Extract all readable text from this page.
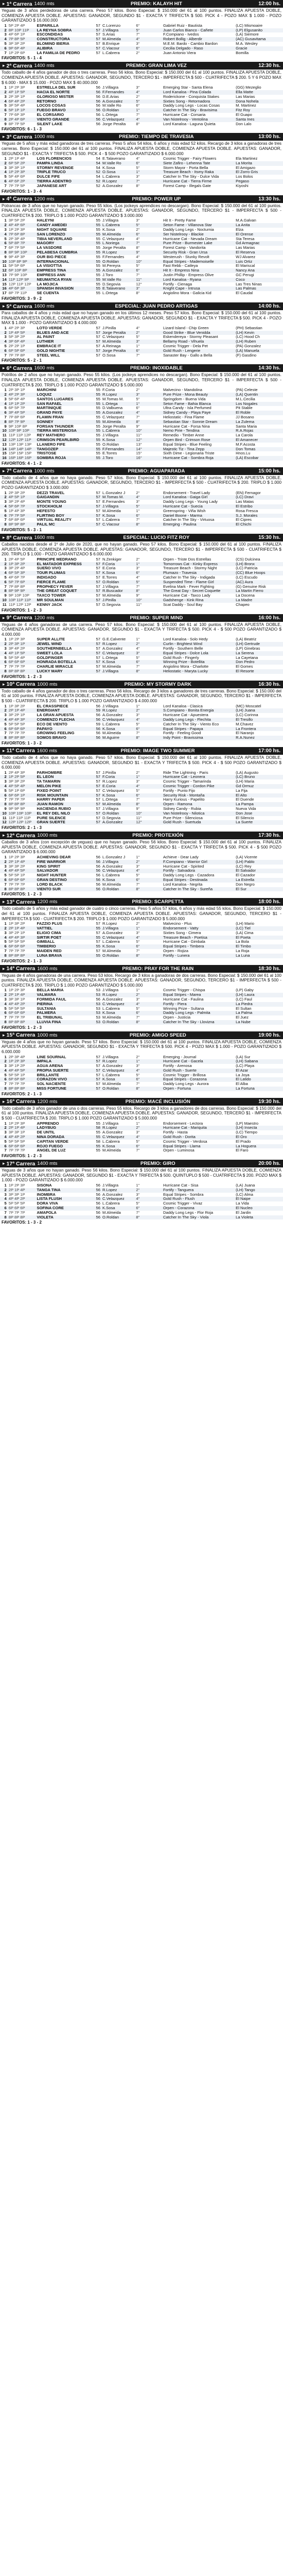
▸ 1ª Carrera 1400 mts	PREMIO: KALAYH HIT	12:00 hs.
Yeguas de 3 años perdedoras de una carrera. Peso 57 kilos. Bono Especial: $ 150.000 del 61 al 100 puntos. FINALIZA APUESTA DOBLE, COMIENZA APUESTA DOBLE. APUESTAS: GANADOR, SEGUNDO $1 - EXACTA Y TRIFECTA $ 500. PICK 4 - POZO MAX $ 1.000 - POZO GARANTIZADO $ 16.000.000
1	5P 2P 4P	ESPARILLA	57	C.Lorenzo	6°	Gabriel Ruiz - Bautista	(LC) Mismoaire
2	8P 10P 11P	LA REYNA SOBRA	57	J.Villagra	5°	Juan Carlos Bianco - Cañete	(LP) Elgusanito
3	4P 6P 1P	ESCONDIDAS	57	S.Arias	7°	F.Compiano - Ivedos	(LA) Siemore
4	7P 8P 5P	CONSTRUCTORA	57	M.Almeida	4°	Robert Bollig - Alberdir	(AC) Gusavitama
5	3P 3P 2P	BLOMIND IBERIA	57	B.Enrique	3°	M.E.M. Bardo - Cambio Bardon	M.A. Wesley
6	9P 6P 4P	ALIBIRA	57	C.Viacour	6°	Cecilia Delgado - Raso	Gracie
7	1P 2P 6P	LA FAMILIA DE PEDRO	57	L.Cabrera	2°	Juan Antonio Viera	Bomilla
FAVORITOS: 5 - 1 - 4
▸ 2ª Carrera 1400 mts	PREMIO: GRAN LIMA VEZ	12:30 hs.
Todo caballo de 4 años ganador de dos o tres carreras. Peso 56 kilos. Bono Especial: $ 150.000 del 61 al 100 puntos. FINALIZA APUESTA DOBLE, COMIENZA APUESTA DOBLE. APUESTAS: GANADOR, SEGUNDO, TERCERO $1 - IMPERFECTA $ 500 - CUATRIFECTA $ 200. 5 Y 6 POZO MAX $ 6.000 - MAX $ 15.000 - POZO MAX $ 40.000.000
1	1P 2P 3P	ESTRELLA DEL SUR	56	J.Villagra	3°	Emerging Star - Santa Elena	(GG) Mezeglio
2	4P 1P 5P	HACIA EL NORTE	56	F.Fernandes	4°	Lord Kanaloa - Pina Colada	Ella Matte
3	2P 3P 1P	GLORIOSO MISTER	56	D.E.Arias	2°	Roderickone - Conquista Stakes	Las Marias
4	6P 4P 2P	RETORNO	56	A.Gonzalez	5°	Sixties Song - Retornadora	Dona Nohela
5	3P 5P 4P	LOCOS COSAS	56	M.Valle Ro	6°	Daddy Long Legs - Locas Cosas	M. Martinez
6	5P 1P 1P	FUEGO BRAVO	56	O.Roldan	1°	Catcher In The Sky - Bravisima	Fitz Roy
7	7P 6P 3P	EL CORSARIO	56	L.Ortega	7°	Hurricane Cat - Corsaria	El Guapo
8	2P 4P 6P	VIENTO GRANDE	56	C.Velazquez	4°	Van Nistelrooy - Ventolina	Santa Ines
9	8P 7P 5P	SILENT LAKE	56	Jorge Peralta	8°	Lord Kanaloa - Laguna Quieta	Don Lalo
FAVORITOS: 6 - 1 - 3
▸ 3ª Carrera 1000 mts	PREMIO: TIEMPO DE TRAVESIA	13:00 hs.
Yeguas de 5 años y más edad ganadoras de tres carreras. Peso 5 años 54 kilos, 6 años y más edad 52 kilos. Recargo de 3 kilos a ganadoras de tres carreras. Bono Especial: $ 150.000 del 61 al 100 puntos. FINALIZA APUESTA DOBLE, COMIENZA APUESTA DOBLE. APUESTAS: GANADOR, SEGUNDO $1 - EXACTA Y TRIFECTA $ 500. PICK 4 - $ 500 POZO GARANTIZADO $ 6.000.000
1	2P 1P 4P	LOS FLORENCIOS	54	E.Talaverano	4°	Cosmic Trigger - Fairy Flowers	Ela Martinez
2	6P 5P 2P	PAMPA LINDA	54	M.Valle Ro	6°	Siete Zafiro - Lehenna Tate	La Morita
3	3P 3P 1P	STORMY REVENGE	54	K.Sosa	5°	Storm Mayor - Porta Bella	El Amigazo
4	1P 2P 3P	TRIPLE TRUCO	52	O.Sosa	1°	Treasure Beach - Itsmy Raka	El Zorro Gris
5	5P 4P 6P	DULCE FIFE	54	L.Cabrera	3°	Catcher In The Sky - Dulce Vida	Los Bolos
6	4P 6P 2P	TIERRA ADENTRO	52	R.Lopez	7°	Hurricane Cat - Tierra Firme	Pegaso
7	7P 7P 5P	JAPANESE ART	52	A.Gonzalez	8°	Forest Camp - Illegals Gate	Kiyoshi
FAVORITOS: 1 - 3 - 4
▸ 4ª Carrera 1200 mts	PREMIO: POWER UP	13:30 hs.
Potrancas de 3 años que no hayan ganado. Peso 55 kilos. (Los jockeys aprendices no descargan). Bono Especial: $ 150.000 del 61 al 100 puntos. FINALIZA APUESTA DOBLE, COMIENZA APUESTA DOBLE. APUESTAS: GANADOR, SEGUNDO, TERCERO $1 - IMPERFECTA $ 500 - CUATRIFECTA $ 200. TRIPLO $ 1.000 POZO GARANTIZADO $ 3.000.000
1	3P 5P 2P	HALEYNI	55	J.Villagra	3°	Hit It - Pretty Fame	M.A.Galvan
2	4P 4P 6P	CANDY AMEDEI	55	L.Cabrera	5°	Seton Fame - Villanova Star	La Anita
3	1P 2P 3P	NIGHT SQUARE	55	K.Sosa	2°	Daddy Long Legs - Nocturnia	Elza
4	7P 6P 8P	SAN LORENZO	55	M.Almeida	6°	Ser Nistelrooy - Blackie	El Orense
5	2P 3P 4P	TIBIA NEVERLAND	55	C.Velazquez	4°	Hurricane Cat - Nevada Dream	Sta Teresa
6	5P 8P 7P	MAGORY	55	L.Noriega	7°	Pure Prize - Burmester Lake	Gd Armagnac
7	6P 7P 5P	LA VASDORE	55	Jorge Peralta	8°	Forest Camp - Vandorita	Las Marias
8	8P 9P 10P	PELABESA CUMBRIA	55	R.Lopez	9°	Security Risk - Gran Ursa	El Reserva
9	9P 4P 3P	OUR BIG PIECE	55	F.Fernandes	4°	Westerush - Stunky Revolt	WJ Alvarez
10	10P 8P 9P	INTERNACIONAL	55	O.Roldan	10°	Equal Stripes - Mademoiselle	Luis Ortiz
11	5P 5P 6P	LA VISIOTTIA	55	M.Pereyra	5°	Fast Rebb - Catleya	El Mariscal
12	6P 10P 8P	EMPRESS TINA	55	A.Gonzalez	6°	Hit It - Empress Nina	Nancy Ana
13	7P 9P 10P	EMPRESS ANN	55	J.Toro	7°	Justin Phillip - Empress Olive	GC Perugi
14	11P 12P 9P	NEUMATICA RYAN	55	M.Valle Ro	11°	Lord Kanaloa - Ryana	Coco
15	12P 11P 12P	LA MOJICA	55	D.Segovia	12°	Fortify - Cienaga	Las Tres Ninas
16	4P 6P 3P	SPANISH INVASION	55	E.Talaverano	3°	Knight Cape - Intrusa	Las Palmas
17	8P 7P 11P	SE CUENTA	55	L.Ortega	8°	Angiolino Mora - Galicia Kid	El Caudal
FAVORITOS: 3 - 9 - 2
▸ 5ª Carrera 1600 mts	ESPECIAL: JUAN PEDRO ARTIGAS	14:00 hs.
Para caballos de 4 años y más edad que no hayan ganado en los últimos 12 meses. Peso 57 kilos. Bono Especial: $ 150.000 del 61 al 100 puntos. FINALIZA APUESTA DOBLE, COMIENZA APUESTA DOBLE. APUESTAS: GANADOR, SEGUNDO $1 - EXACTA Y TRIFECTA $ 500. PICK 4 - POZO MAX $ 1.000 - POZO GARANTIZADO $ 4.000.000
1	4P 2P 3P	LOTO VERDE	57	J.Pinilla	4°	Lizard Island - Chip Green	(PH) Sebastian
2	1P 4P 5P	BLUES AND ACE	57	Jorge Peralta	2°	Good Strike - Blue Venidda	(LH) Kevin
3	5P 3P 2P	AL PAINT	57	C.Velazquez	5°	Eskendereya - Stormy Pleasant	(LC) Hood Ch
4	3P 6P 4P	LUTHIER	57	M.Almeida	3°	Bellamy Road - Vihuela	(LH) Ruben
5	2P 2P 1P	EMBRACE IT	57	A.Reinaga	1°	Cosmic Trigger - Dela Pet	(PA) Gonzalez
6	6P 5P 6P	GOLD NIGHTIE	57	Jorge Peralta	6°	Gold Rush - Lengerie	(LA) Manuela
7	7P 7P 8P	STEEL WILL	57	O.Sosa	7°	Sanaster Bay - Gallo a Bella	(F) Gasdino
FAVORITOS: 5 - 2 - 1
▸ 6ª Carrera 1600 mts	PREMIO: INOXIDABLE	14:30 hs.
Potrillos de 2 años que no hayan ganado. Peso 55 kilos. (Los jockeys aprendices no descargan). Bono Especial: $ 150.000 del 61 al 100 puntos. FINALIZA APUESTA DOBLE, COMIENZA APUESTA DOBLE. APUESTAS: GANADOR, SEGUNDO, TERCERO $1 - IMPERFECTA $ 500 - CUATRIFECTA $ 200. TRIPLO $ 1.000 POZO GARANTIZADO $ 5.000.000
1	2P 3P 1P	MARCHINI	55	F.Coria	2°	Malvecino - Mandolina	(PA) Celeste
2	4P 2P 3P	LOQUIZ	55	R.Lopez	3°	Pure Prize - Mona Beauty	(LA) Quentin
3	5P 6P 4P	SANTOS LUGARES	55	M.Tomas M.	5°	Springdom - Buena Vida	M.L.Cecilia
4	1P 1P 2P	SAN RAFAEL	55	L.Ortega	1°	Seton Fame - Bahia Blanca	Los Nogales
5	6P 5P 7P	MARTINIQUE	55	D.Valbuena	6°	Ultra Candy - Isla Perfumed	Pit Stable
6	3P 4P 5P	GRAND PAYE	55	A.Gonzalez	4°	Sidney Candy - Playa Paye	El Roble
7	7P 8P 6P	FLAMIN FRAN	55	C.Velazquez	7°	Heliostatic - Fina Flame	JJ Bosano
8	8P 7P 9P	SONNEY	55	M.Almeida	8°	Sebastian Star - Sonnie Dream	La Zulema
9	9P 10P 8P	FORSAN THUNDER	55	Jorge Peralta	9°	Hurricane Cat - Forsa Nina	Santa Maria
10	10P 9P 10P	TIERRA MISTERIOSA	55	L.Cabrera	10°	Nemo Pirie - Tendina	R.A.Rojas
11	11P 11P 12P	REY MATHERO	55	J.Villagra	11°	Remedio - Timber Anne	La Carola
12	12P 12P 11P	CRIMSON PEARLBIRD	55	K.Sosa	12°	Orpen Bird - Crimson Rose	El Amanecer
13	13P 13P 13P	LLANERO FIFE	55	O.Roldan	13°	Equal Stripes - Blue Feeling	M.F.Acosta
14	14P 14P 14P	TANGOZEP	55	F.Fernandes	14°	Majestic Tiz - Tina Zepp	Don Tomas
15	15P 15P 15P	TRISTOSE	55	E.Torres	15°	Sixth Dime - Legionaria Triste	Hnos.Lu
16	16P 16P 16P	SOMBRA ROJA	55	J.Toro	16°	Hurricane Cat - Sombra Roja	(LA) Escobar
FAVORITOS: 4 - 1 - 2
▸ 7ª Carrera 1000 mts	PREMIO: AGUAPARADA	15:00 hs.
Todo caballo de 4 años que no haya ganado. Peso 57 kilos. Bono Especial: $ 150.000 del 61 al 100 puntos. FINALIZA APUESTA DOBLE, COMIENZA APUESTA DOBLE. APUESTAS: GANADOR, SEGUNDO, TERCERO $1 - IMPERFECTA $ 500 - CUATRIFECTA $ 200. TRIPLO $ 1.000 POZO GARANTIZADO $ 3.000.000
1	2P 3P 2P	DEZZI TRAVEL	57	L.Gonzalez J	2°	Endorsement - Travel Lady	(EN) Fernagor
2	4P 5P 1P	GAIGANDIN	57	M.Tomas M.	4°	Lord Kanaloa - Gaiga Girl	(LC) Dravi
3	3P 2P 4P	MONTE YOUNG	57	E.Fernandes	3°	Daddy Long Legs - Young Lady	Las Matas
4	5P 6P 7P	STOCKHOLM	57	J.Villagra	5°	Hurricane Cat - Suecia	El Estribo
5	1P 4P 3P	HEFESTO	57	M.Almeida	1°	Greenspring - Viña Wish	Rosa Fresca
6	7P 7P 5P	FLIRTING BOY	57	K.Sosa	6°	Daniel Boone - Marma	S.J. Morales
7	6P 8P 6P	VIRTUAL REALITY	57	L.Cabrera	7°	Catcher In The Sky - Virtuosa	El Cipres
8	8P 9P 8P	PALIL MC	57	C.Viacour	8°	Emerging - Paulina	El Chichi
FAVORITOS: 5 - 3 - 1
▸ 8ª Carrera 1600 mts	ESPECIAL: LUCIO FITZ ROY	15:30 hs.
Caballos nacidos desde el 1º de Julio de 2020, que no hayan ganado. Peso 57 kilos. Bono Especial: $ 150.000 del 61 al 100 puntos. FINALIZA APUESTA DOBLE, COMIENZA APUESTA DOBLE. APUESTAS: GANADOR, SEGUNDO, TERCERO $1 - IMPERFECTA $ 500 - CUATRIFECTA $ 200. TRIPLO $ 1.000 - POZO GARANTIZADO $ 6.000.000
1	2P 4P 5P	PRINCIPE MEDRANO	57	N.Zenkiger	2°	Orpen - Triste Dos Estrellas	(CS) Dulcinea
2	1P 3P 2P	EL MATADOR EXPRESS	57	F.Coria	1°	Tomorrows Cat - Kinky Express	(LH) Bronx
3	3P 2P 4P	SUEÑO VIVO	57	E.Coria	3°	Treasure Beach - Stormy Night	(LC) Patricia
4	6P 5P 3P	TOUR PLUMAS	57	K.Sosa	6°	Plumazo - Travesia	(CC) Blue Hoops
5	4P 6P 7P	INDIGADO	57	E.Torres	4°	Catcher In The Sky - Indigada	(LC) Escudo
6	5P 7P 6P	FIERCE FLAME	57	O.Roldan	5°	Suspended Time - Flame Girl	(AC) Aura
7	7P 8P 8P	PROPHECY FEVER	57	J.Villagra	7°	Evelina Mark - Fever Fighting	(G) Genuine Risk
8	8P 9P 9P	THE GREAT COQUET	57	R.Buscador	8°	The Great Day - Secret Coquette	La Martin Fierro
9	9P 10P 10P	TAXCO TOWER	57	M.Almeida	9°	Hurricane Cat - Taxco Lady	La Docena
10	10P 11P 11P	MR SOULMAN	57	J.Pinilla	10°	Gadshenge - Kink Rina	La Madre
11	11P 12P 12P	KENNY JACK	57	D.Segovia	11°	Scat Daddy - Soul Bay	Chapeo
FAVORITOS: 1 - 2 - 3
▸ 9ª Carrera 1200 mts	PREMIO: SUPER MIND	16:00 hs.
Yeguas de 4 años ganadoras de una carrera. Peso 57 kilos. Bono Especial: $ 150.000 del 61 al 100 puntos. FINALIZA APUESTA DOBLE, COMIENZA APUESTA DOBLE. APUESTAS: GANADOR, SEGUNDO $1 - EXACTA Y TRIFECTA $ 500. PICK 4 - $ 500 POZO GARANTIZADO $ 4.000.000
1	1P 2P 3P	SUPER ALLITE	57	G.E.Calvente	1°	Lord Kanaloa - Solo Hedy	(LA) Beatriz
2	2P 3P 1P	JEWEL WIND	57	R.Lopez	2°	Curlin - Brightest Wind	(LH) Gertrude
3	3P 4P 2P	SOUTHERNBELLA	57	A.Gonzalez	4°	Fortify - Southern Belle	(LP) Ginebras
4	4P 1P 5P	SWEET LOLA	57	C.Velazquez	3°	Equal Stripes - Dolce Lola	La Serena
5	5P 5P 4P	GOLDFINGER	57	L.Ortega	5°	Gold Rush - Fingerly	La Cayetana
6	6P 6P 6P	HONRADA BOTELLA	57	K.Sosa	6°	Winning Prize - Botellita	Don Pedro
7	7P 7P 7P	CHARLIE MIRACLE	57	M.Almeida	7°	Angiolino Mora - Charlotte	El Gomes
8	8P 8P 8P	LUCKY MARY	57	J.Villagra	8°	Heliostatic - Maryta Lucky	El Resorte
FAVORITOS: 1 - 2 - 3
▸ 10ª Carrera 1000 mts	PREMIO: MY STORMY DARK	16:30 hs.
Todo caballo de 4 años ganador de dos o tres carreras. Peso 56 kilos. Recargo de 3 kilos a ganadores de tres carreras. Bono Especial: $ 150.000 del 61 al 100 puntos. FINALIZA APUESTA DOBLE, COMIENZA APUESTA DOBLE. APUESTAS: GANADOR, SEGUNDO, TERCERO $1 - IMPERFECTA $ 500 - CUATRIFECTA $ 200. TRIPLO $ 1.000 POZO GARANTIZADO $ 4.000.000
1	1P 3P 2P	EL CRASSPIECE	56	J.Villagra	1°	Lord Kanaloa - Clasica	(MC) Moscatel
2	2P 1P 4P	ENERGIANT	59	R.Lopez	2°	S.Compiano - Bonita Energia	(LH) Juana
3	3P 2P 1P	LA GRAN APUESTA	56	A.Gonzalez	3°	Hurricane Cat - Apuestera	(LC) Corinna
4	4P 4P 3P	COMIENZO FLECHA	56	C.Velazquez	4°	Daddy Long Legs - Flechita	El Tresillo
5	5P 5P 5P	ECO DE VIENTO	59	L.Cabrera	5°	Catcher In The Sky - Viento Eco	M.Chavez
6	6P 6P 6P	PAPAYO	56	K.Sosa	6°	Equal Stripes - Papaya	La Frontera
7	7P 7P 7P	GROWING FEELING	56	M.Almeida	7°	Fortify - Feeling Good	El Naranjo
8	8P 8P 8P	SOMOS BRAVO	56	M.Aguirre	8°	Indy Point - Bravissima	R.A.Nunez
FAVORITOS: 1 - 3 - 2
▸ 11ª Carrera 1600 mts	PREMIO: IMAGE TWO SUMMER	17:00 hs.
Todo caballo de 4 años que no haya ganado. Peso 57 kilos. Bono Especial: $ 150.000 del 61 al 100 puntos. FINALIZA APUESTA DOBLE, COMIENZA APUESTA DOBLE. APUESTAS: GANADOR, SEGUNDO $1 - EXACTA Y TRIFECTA $ 500. PICK 4 - $ 500 POZO GARANTIZADO $ 6.000.000
1	2P 4P 3P	PARHOMBRE	57	J.Pinilla	2°	Ride The Lightning - Paris	(LA) Augusto
2	1P 2P 5P	EL LEON	57	F.Coria	1°	Hurricane Cat - Leonera	(LC) Bruno
3	3P 3P 2P	TA TAMARIN	57	R.Lopez	3°	Cosmic Trigger - Tamarinda	(LH) Maria
4	4P 5P 4P	MELON PIKE	57	E.Coria	4°	Cosmic Trigger - Cordon Pike	Gd Ormuz
5	5P 1P 6P	FIXED POINT	57	C.Velazquez	5°	Fortify - Punto Fijo	La Fija
6	6P 6P 1P	RISK MOUNTAIN	57	K.Sosa	6°	Security Risk - Montaña	El Alto
7	7P 7P 7P	HARRY PAPER	57	L.Ortega	7°	Harry Kurious - Papelito	El Duende
8	8P 8P 8P	JUAN RAMON	57	M.Almeida	8°	Orpen - Ramona	La Pampa
9	9P 9P 9P	HACIENDA RUBIO	57	J.Villagra	9°	Sidney Candy - Rubia	Nueva Vida
10	10P 10P 10P	EL REY DEL NILO	57	O.Roldan	10°	Van Nistelrooy - Nilotica	Don Jose
11	11P 11P 11P	PURE SILENCE	57	D.Segovia	11°	Pure Prize - Silenciosa	El Silencio
12	12P 12P 12P	GRAN SUERTE	57	A.Gonzalez	12°	Gold Rush - Suertuda	La Suerte
FAVORITOS: 2 - 1 - 3
▸ 12ª Carrera 1000 mts	PREMIO: PROTEXIÓN	17:30 hs.
Caballos de 3 años (con excepción de yeguas) que no hayan ganado. Peso 56 kilos. Bono Especial: $ 150.000 del 61 al 100 puntos. FINALIZA APUESTA DOBLE, COMIENZA APUESTA DOBLE. APUESTAS: GANADOR, SEGUNDO $1 - EXACTA Y TRIFECTA $ 500. PICK 4 - $ 500 POZO GARANTIZADO $ 6.000.000
1	1P 2P 3P	ACHIEVING DEAR	56	L.Gonzalez J	1°	Achieve - Dear Lady	(LA) Vicente
2	2P 1P 4P	FIRE WARRIOR	56	J.Villagra	2°	F.Compiano - Warrior Girl	(LH) Pablo
3	3P 3P 2P	KING SPIRIT	56	A.Gonzalez	3°	Hurricane Cat - Spirited	(LC) Rey
4	4P 4P 5P	SALVADOR	56	C.Velazquez	4°	Fortify - Salvadora	El Salvador
5	5P 5P 1P	NIGHT HUNTER	56	L.Cabrera	5°	Daddy Long Legs - Cazadora	El Cazador
6	6P 6P 6P	GRAN DESTINO	56	K.Sosa	6°	Equal Stripes - Destinada	La Estrella
7	7P 7P 7P	LORD BLACK	56	M.Almeida	7°	Lord Kanaloa - Negrita	Don Negro
8	8P 8P 8P	VIENTO SUR	56	O.Roldan	8°	Catcher In The Sky - Sureña	El Sur
FAVORITOS: 1 - 2 - 3
▸ 13ª Carrera 1200 mts	PREMIO: SCARPETTA	18:00 hs.
Todo caballo de 5 años y más edad ganador de cuatro o cinco carreras. Peso 5 años 57 kilos, 6 años y más edad 55 kilos. Bono Especial: $ 150.000 del 61 al 100 puntos. FINALIZA APUESTA DOBLE, COMIENZA APUESTA DOBLE. APUESTAS: GANADOR, SEGUNDO, TERCERO $1 - IMPERFECTA $ 500 - CUATRIFECTA $ 200. TRIPLO $ 1.000 POZO GARANTIZADO $ 5.000.000
1	1P 3P 2P	FAZZIO PLUS	57	R.Lopez	2°	Malvecino - Plus	(LH) Mario
2	2P 1P 4P	VATTIEL	55	J.Villagra	1°	Endorsement - Vatty	(LC) Tiel
3	3P 2P 1P	ELIGIO CIMA	57	A.Gonzalez	3°	Sixties Song - Cimera	(LA) Cima
4	4P 4P 3P	SIRTIR POET	55	C.Velazquez	4°	Treasure Beach - Poetisa	El Poeta
5	5P 5P 5P	GIMBALL	57	L.Cabrera	5°	Hurricane Cat - Gimbala	La Bola
6	6P 6P 6P	TIMBERIO	55	K.Sosa	6°	Equal Stripes - Timbera	El Timbo
7	7P 7P 7P	MAIDEN RED	57	M.Almeida	7°	Orpen - Rojiza	La Roja
8	8P 8P 8P	LUNA BRAVA	55	O.Roldan	8°	Fortify - Lunera	La Luna
FAVORITOS: 2 - 1 - 3
▸ 14ª Carrera 1600 mts	PREMIO: PRAY FOR THE RAIN	18:30 hs.
Yeguas de 4 años ganadoras de una carrera. Peso 53 kilos. Recargo de 3 kilos a ganadoras de dos carreras. Bono Especial: $ 150.000 del 61 al 100 puntos. FINALIZA APUESTA DOBLE, COMIENZA APUESTA DOBLE. APUESTAS: GANADOR, SEGUNDO, TERCERO $1 - IMPERFECTA $ 500 - CUATRIFECTA $ 200. TRIPLO $ 1.000 POZO GARANTIZADO $ 5.000.000
1	1P 2P 3P	BELLA MARIA	53	J.Villagra	1°	Cosmic Trigger - Chispa	(LP) Gaby
2	2P 1P 4P	VALMARA	53	R.Lopez	2°	Equal Stripes - Marea	(LH) Laura
3	3P 3P 1P	FORMIDA FAUL	56	A.Gonzalez	3°	Hurricane Cat - Faulina	(LC) Faul
4	4P 4P 2P	PIERINA	53	C.Velazquez	4°	Fortify - Piera	La Piedra
5	5P 5P 5P	SULTANIA	53	L.Cabrera	5°	Winning Prize - Sultana	El Sultan
6	6P 6P 6P	PALMERA	53	K.Sosa	6°	Daddy Long Legs - Palmita	La Palma
7	7P 7P 7P	EL TRIBUNAL	53	M.Almeida	7°	Orpen - Justicia	El Juez
8	8P 8P 8P	LLUVIA FINA	53	O.Roldan	8°	Catcher In The Sky - Llovizna	La Nube
FAVORITOS: 1 - 2 - 3
▸ 15ª Carrera 1000 mts	PREMIO: AMIGO SPEED	19:00 hs.
Yeguas de 4 años que no hayan ganado. Peso 57 kilos. Bono Especial: $ 150.000 del 61 al 100 puntos. FINALIZA APUESTA DOBLE, COMIENZA APUESTA DOBLE. APUESTAS: GANADOR, SEGUNDO $1 - EXACTA Y TRIFECTA $ 500. PICK 4 - POZO MAX $ 1.000 - POZO GARANTIZADO $ 6.000.000
1	2P 3P 4P	LINE SOURNAL	57	J.Villagra	2°	Emerging - Journal	(LA) Sur
2	1P 2P 3P	IMPALA	57	R.Lopez	1°	Hurricane Cat - Gacela	(LH) Sabana
3	3P 1P 2P	AGUA ARENA	57	A.Gonzalez	3°	Fortify - Arenosa	(LC) Playa
4	4P 4P 5P	PROPIA SUERTE	57	C.Velazquez	4°	Gold Rush - Suerte	El Azar
5	5P 5P 1P	BRILLANTE	57	L.Cabrera	5°	Cosmic Trigger - Brillosa	La Joya
6	6P 6P 6P	CORAZON VIVO	57	K.Sosa	6°	Equal Stripes - Corazona	El Latido
7	7P 7P 7P	SOL NACIENTE	57	M.Almeida	7°	Daddy Long Legs - Aurora	El Alba
8	8P 8P 8P	MISS FORTUNE	57	O.Roldan	8°	Orpen - Fortuna	La Fortuna
FAVORITOS: 2 - 1 - 3
▸ 16ª Carrera 1200 mts	PREMIO: MACÉ INCLUSIÓN	19:30 hs.
Todo caballo de 3 años ganador de una o dos carreras. Peso 55 kilos. Recargo de 3 kilos a ganadores de dos carreras. Bono Especial: $ 150.000 del 61 al 100 puntos. FINALIZA APUESTA DOBLE, COMIENZA APUESTA DOBLE. APUESTAS: GANADOR, SEGUNDO, TERCERO $1 - IMPERFECTA $ 500 - CUATRIFECTA $ 200. TRIPLO $ 1.000 POZO GARANTIZADO $ 5.000.000
1	1P 2P 3P	APPRENDO	55	J.Villagra	1°	Endorsement - Lectora	(LP) Maestro
2	2P 1P 4P	LADYBUG	58	R.Lopez	2°	Hurricane Cat - Mariquita	(LH) Insecta
3	3P 3P 1P	DE UNTIL	55	A.Gonzalez	3°	Fortify - Hasta	(LC) Tiempo
4	4P 4P 2P	NINA DORADA	55	C.Velazquez	4°	Gold Rush - Dorita	El Oro
5	5P 5P 5P	CAPITAN VERDE	58	L.Cabrera	5°	Cosmic Trigger - Verdosa	El Prado
6	6P 6P 6P	ROJO FUEGO	55	K.Sosa	6°	Equal Stripes - Llama	La Hoguera
7	7P 7P 7P	ANGEL DE LUZ	55	M.Almeida	7°	Orpen - Luminosa	El Faro
FAVORITOS: 1 - 2 - 3
▸ 17ª Carrera 1400 mts	PREMIO: GIRO	20:00 hs.
Yeguas de 3 años que no hayan ganado. Peso 56 kilos. Bono Especial: $ 150.000 del 61 al 100 puntos. FINALIZA APUESTA DOBLE, COMIENZA APUESTA DOBLE. APUESTAS: GANADOR, SEGUNDO $1 - EXACTA Y TRIFECTA $ 500. QUINTUPLO $ 500 - CUATRIFECTA $ 200. POZO MAX $ 1.000 - POZO GARANTIZADO $ 6.000.000
1	1P 2P 3P	SISONA	56	J.Villagra	1°	Hurricane Cat - Sisa	(LA) Juana
2	2P 1P 4P	TANGA TINA	56	R.Lopez	2°	Fortify - Tanguera	(LH) Tango
3	3P 3P 1P	INOMBRA	56	A.Gonzalez	3°	Equal Stripes - Sombra	(LC) Alma
4	4P 4P 2P	LISTA FLUSH	56	C.Velazquez	4°	Gold Rush - Flush	El Naipe
5	5P 5P 5P	DORA VIVA	56	L.Cabrera	5°	Cosmic Trigger - Vivaz	La Vida
6	6P 6P 6P	SOFINA CORE	56	K.Sosa	6°	Orpen - Corazona	El Nucleo
7	7P 7P 7P	AMAPOLA	56	M.Almeida	7°	Daddy Long Legs - Flor Roja	El Jardin
8	8P 8P 8P	VIOLETA	56	O.Roldan	8°	Catcher In The Sky - Viola	La Violeta
FAVORITOS: 1 - 3 - 2
